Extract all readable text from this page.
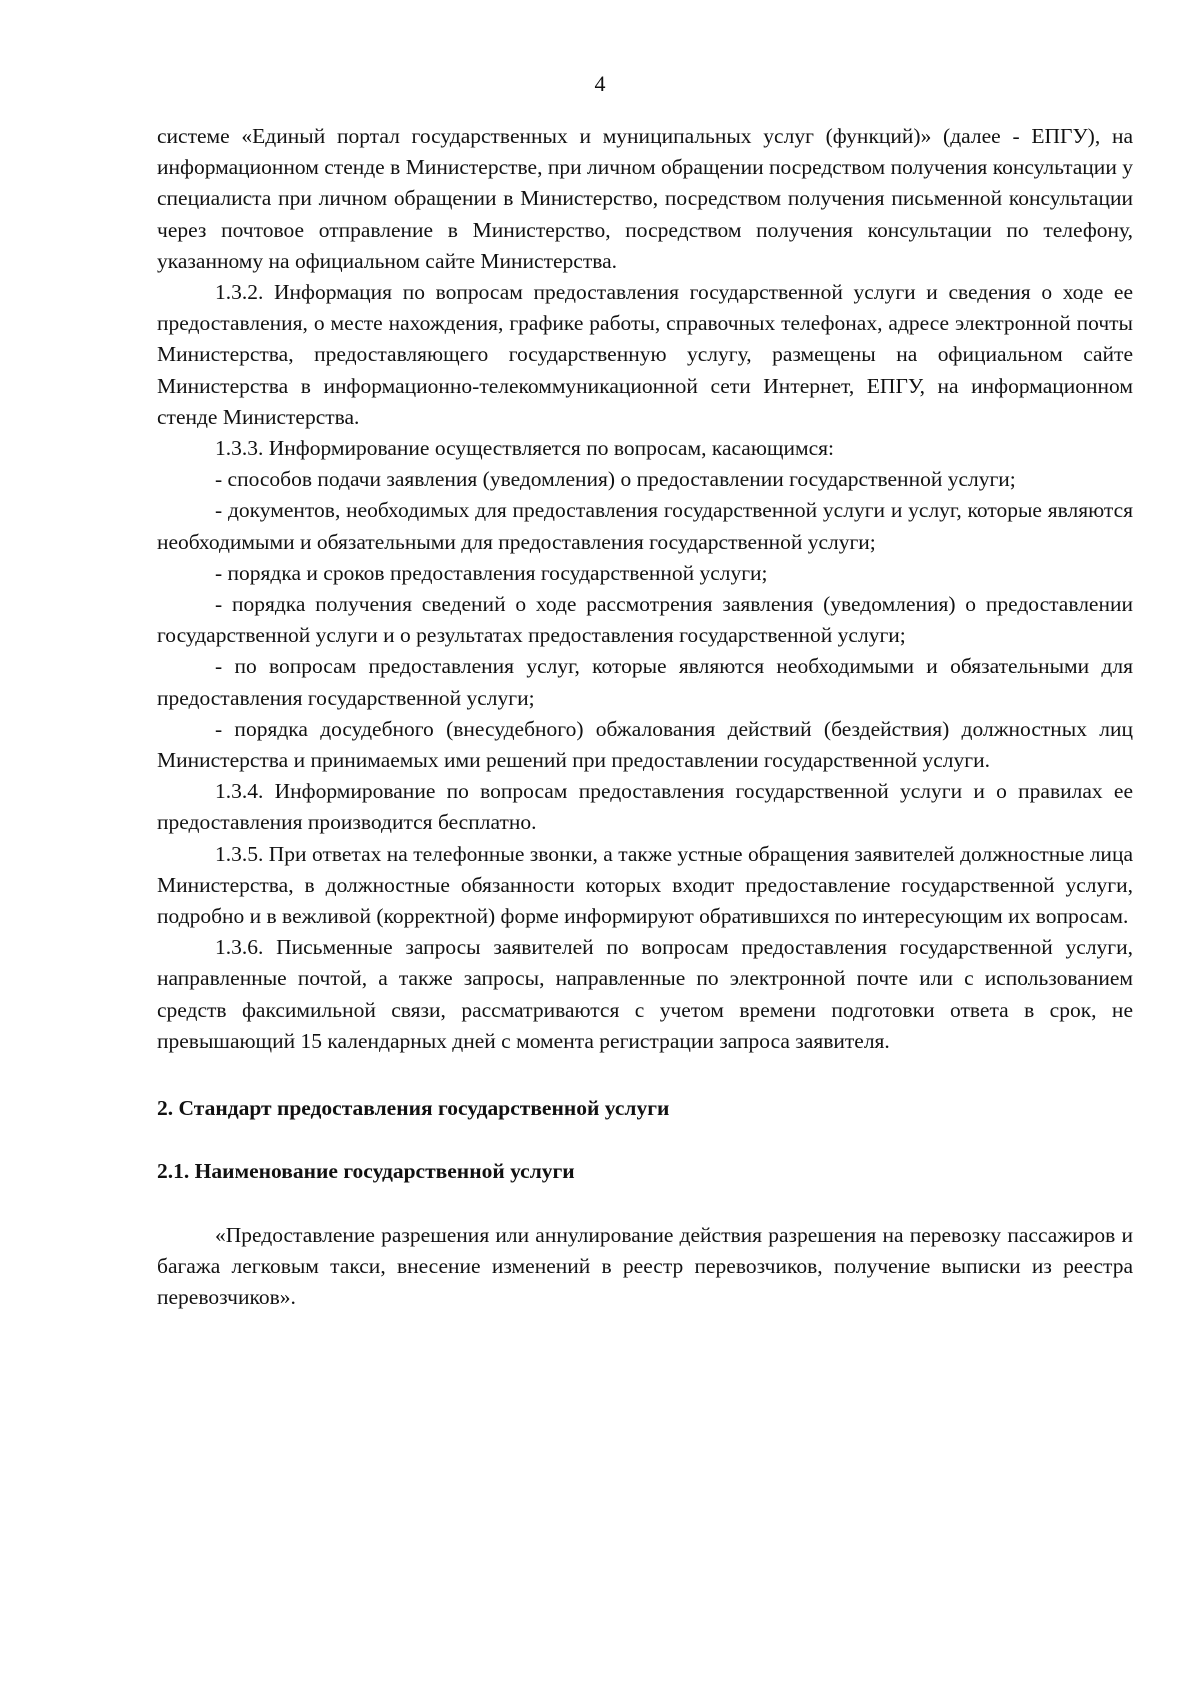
4

системе «Единый портал государственных и муниципальных услуг (функций)» (далее - ЕПГУ), на информационном стенде в Министерстве, при личном обращении посредством получения консультации у специалиста при личном обращении в Министерство, посредством получения письменной консультации через почтовое отправление в Министерство, посредством получения консультации по телефону, указанному на официальном сайте Министерства.

1.3.2. Информация по вопросам предоставления государственной услуги и сведения о ходе ее предоставления, о месте нахождения, графике работы, справочных телефонах, адресе электронной почты Министерства, предоставляющего государственную услугу, размещены на официальном сайте Министерства в информационно-телекоммуникационной сети Интернет, ЕПГУ, на информационном стенде Министерства.

1.3.3. Информирование осуществляется по вопросам, касающимся:

- способов подачи заявления (уведомления) о предоставлении государственной услуги;

- документов, необходимых для предоставления государственной услуги и услуг, которые являются необходимыми и обязательными для предоставления государственной услуги;

- порядка и сроков предоставления государственной услуги;

- порядка получения сведений о ходе рассмотрения заявления (уведомления) о предоставлении государственной услуги и о результатах предоставления государственной услуги;

- по вопросам предоставления услуг, которые являются необходимыми и обязательными для предоставления государственной услуги;

- порядка досудебного (внесудебного) обжалования действий (бездействия) должностных лиц Министерства и принимаемых ими решений при предоставлении государственной услуги.

1.3.4. Информирование по вопросам предоставления государственной услуги и о правилах ее предоставления производится бесплатно.

1.3.5. При ответах на телефонные звонки, а также устные обращения заявителей должностные лица Министерства, в должностные обязанности которых входит предоставление государственной услуги, подробно и в вежливой (корректной) форме информируют обратившихся по интересующим их вопросам.

1.3.6. Письменные запросы заявителей по вопросам предоставления государственной услуги, направленные почтой, а также запросы, направленные по электронной почте или с использованием средств факсимильной связи, рассматриваются с учетом времени подготовки ответа в срок, не превышающий 15 календарных дней с момента регистрации запроса заявителя.

2. Стандарт предоставления государственной услуги

2.1. Наименование государственной услуги

«Предоставление разрешения или аннулирование действия разрешения на перевозку пассажиров и багажа легковым такси, внесение изменений в реестр перевозчиков, получение выписки из реестра перевозчиков».
